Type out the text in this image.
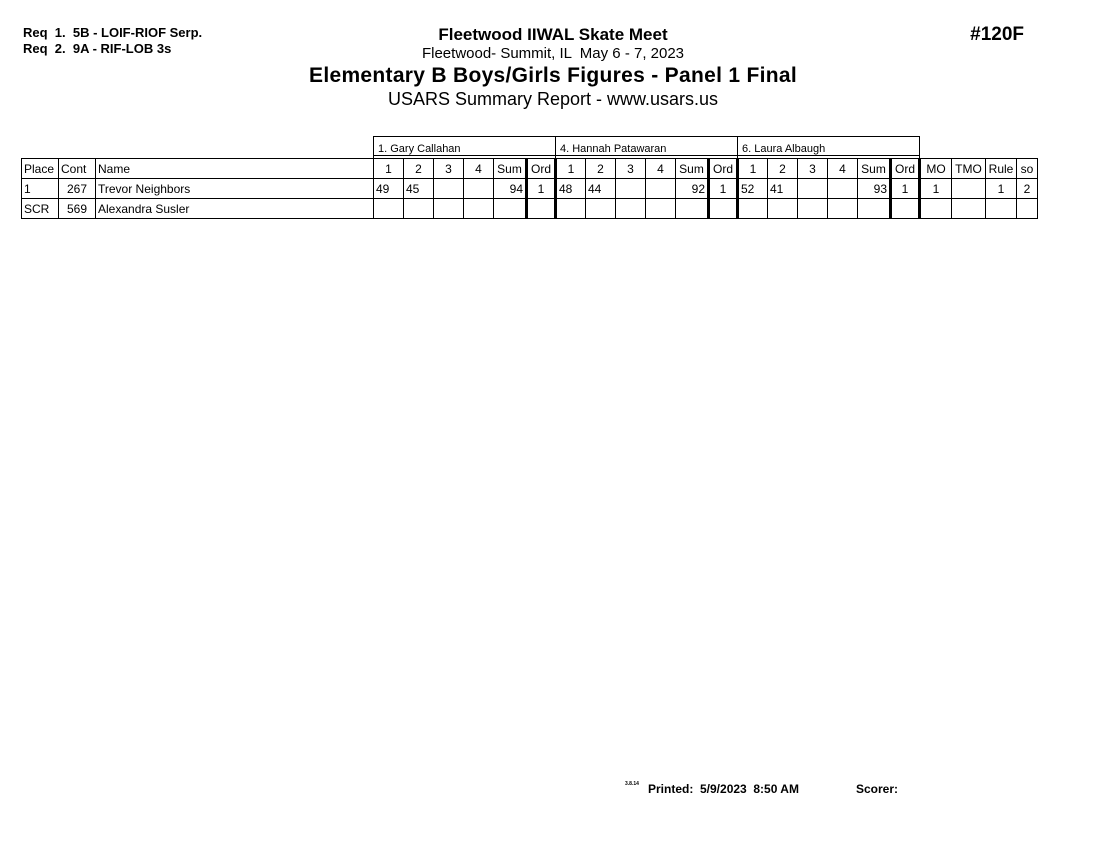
Req  1.  5B - LOIF-RIOF Serp.
Req  2.  9A - RIF-LOB 3s
Fleetwood IIWAL Skate Meet
Fleetwood- Summit, IL  May 6 - 7, 2023
Elementary B Boys/Girls Figures - Panel 1 Final
USARS Summary Report - www.usars.us
#120F
			1. Gary Callahan						4. Hannah Patawaran						6. Laura Albaugh									

Place	Cont	Name	1	2	3	4	Sum	Ord	1	2	3	4	Sum	Ord	1	2	3	4	Sum	Ord	MO	TMO	Rule	so
1	267	Trevor Neighbors	49	45			94	1	48	44			92	1	52	41			93	1	1		1	2
SCR	569	Alexandra Susler																						
3.8.14 Printed:  5/9/2023  8:50 AM	Scorer:
